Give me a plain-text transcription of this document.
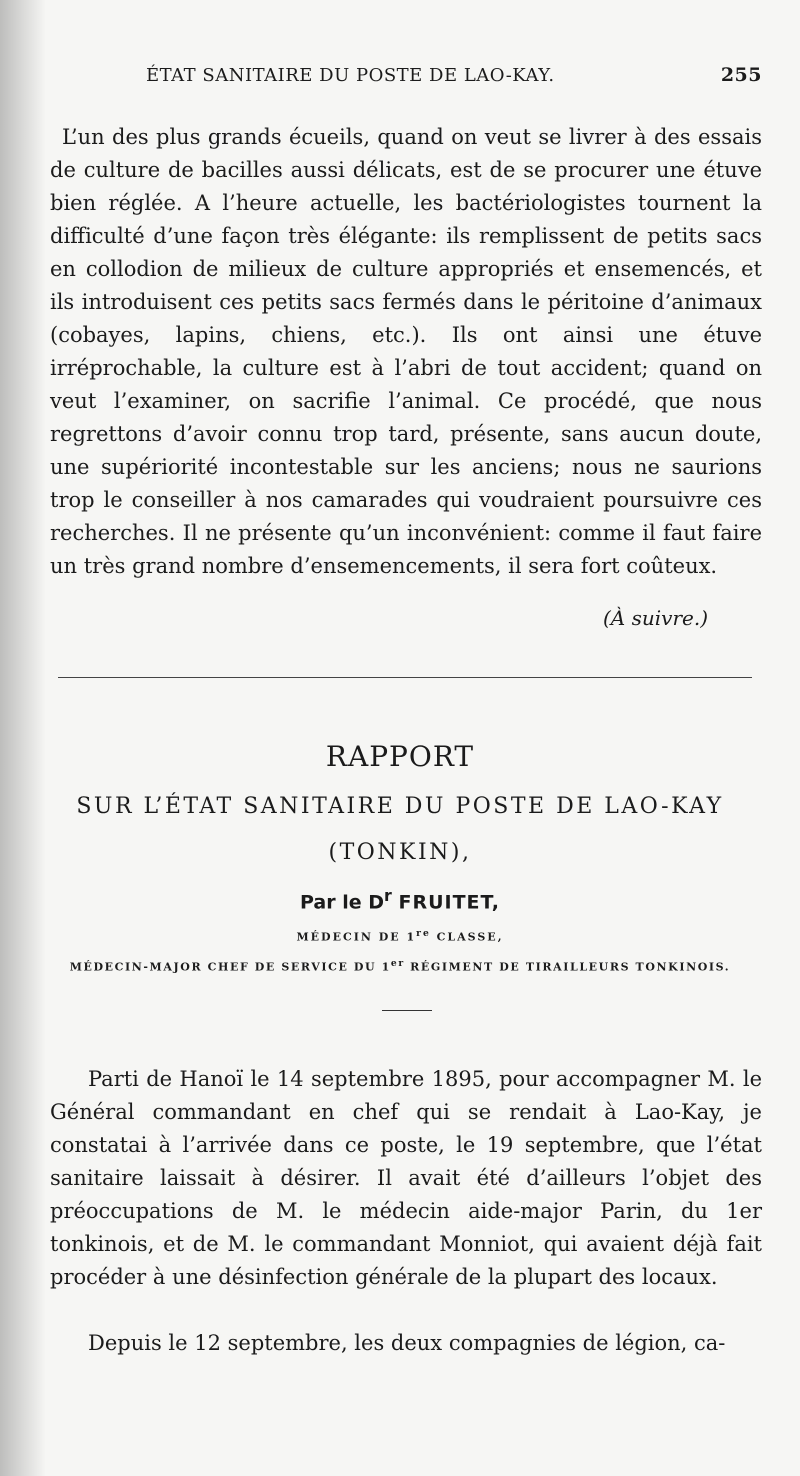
ÉTAT SANITAIRE DU POSTE DE LAO-KAY.	255

L’un des plus grands écueils, quand on veut se livrer à des essais de culture de bacilles aussi délicats, est de se procurer une étuve bien réglée. A l’heure actuelle, les bactériologistes tournent la difficulté d’une façon très élégante: ils remplissent de petits sacs en collodion de milieux de culture appropriés et ensemencés, et ils introduisent ces petits sacs fermés dans le péritoine d’animaux (cobayes, lapins, chiens, etc.). Ils ont ainsi une étuve irréprochable, la culture est à l’abri de tout accident; quand on veut l’examiner, on sacrifie l’animal. Ce procédé, que nous regrettons d’avoir connu trop tard, présente, sans aucun doute, une supériorité incontestable sur les anciens; nous ne saurions trop le conseiller à nos camarades qui voudraient poursuivre ces recherches. Il ne présente qu’un inconvénient: comme il faut faire un très grand nombre d’ensemencements, il sera fort coûteux.

(À suivre.)
RAPPORT
SUR L’ÉTAT SANITAIRE DU POSTE DE LAO-KAY
(TONKIN),
Par le $D^r$ FRUITET,
MÉDECIN DE 1re CLASSE,
MÉDECIN-MAJOR CHEF DE SERVICE DU 1er RÉGIMENT DE TIRAILLEURS TONKINOIS.

Parti de Hanoï le 14 septembre 1895, pour accompagner M. le Général commandant en chef qui se rendait à Lao-Kay, je constatai à l’arrivée dans ce poste, le 19 septembre, que l’état sanitaire laissait à désirer. Il avait été d’ailleurs l’objet des préoccupations de M. le médecin aide-major Parin, du 1er tonkinois, et de M. le commandant Monniot, qui avaient déjà fait procéder à une désinfection générale de la plupart des locaux.

Depuis le 12 septembre, les deux compagnies de légion, ca-
